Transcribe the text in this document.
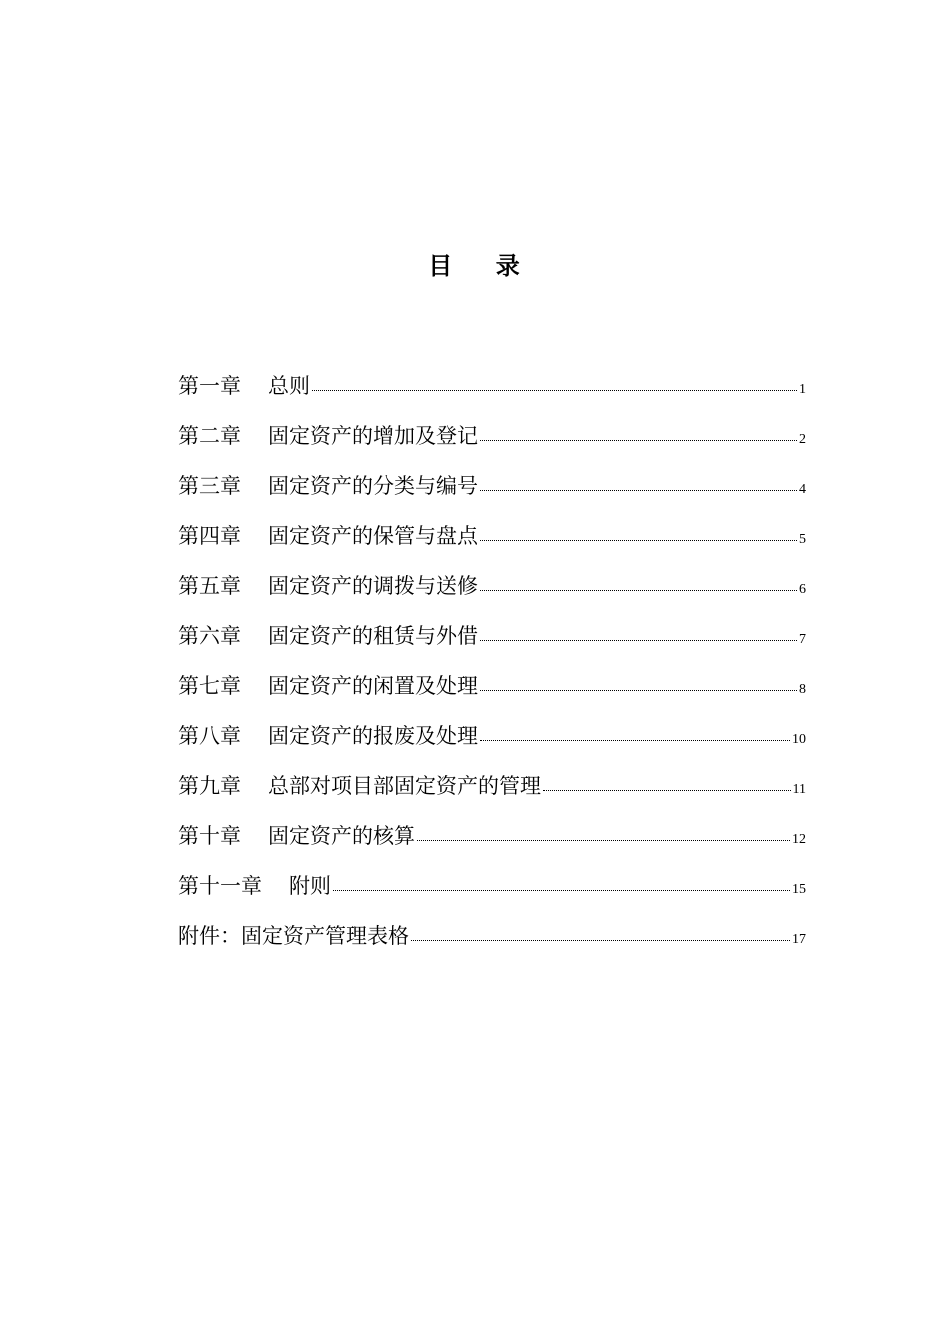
目    录
第一章 总则	1
第二章 固定资产的增加及登记	2
第三章 固定资产的分类与编号	4
第四章 固定资产的保管与盘点	5
第五章 固定资产的调拨与送修	6
第六章 固定资产的租赁与外借	7
第七章 固定资产的闲置及处理	8
第八章 固定资产的报废及处理	10
第九章 总部对项目部固定资产的管理	11
第十章 固定资产的核算	12
第十一章 附则	15
附件： 固定资产管理表格	17
